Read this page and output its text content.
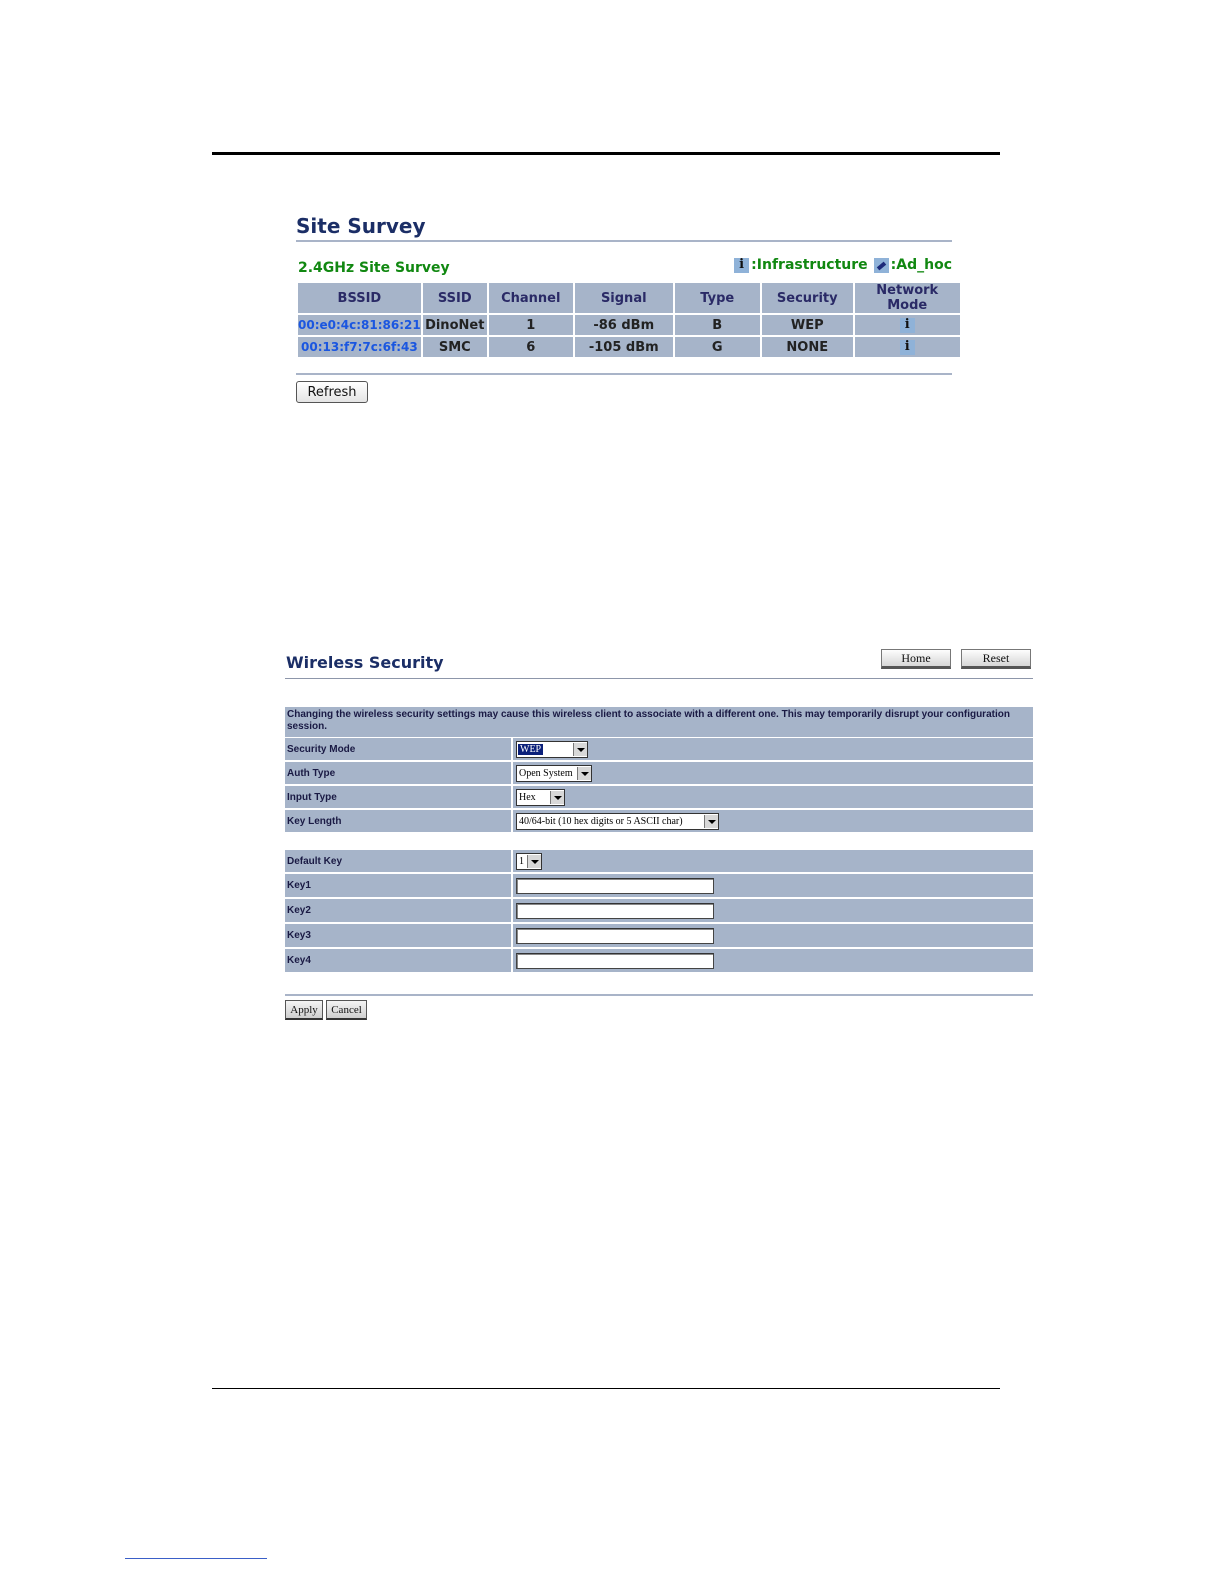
Site Survey
2.4GHz Site Survey i	:Infrastructure :Ad_hoc
BSSID	SSID	Channel	Signal	Type	Security	Network Mode
00:e0:4c:81:86:21	DinoNet	1	-86 dBm	B	WEP	i
00:13:f7:7c:6f:43	SMC	6	-105 dBm	G	NONE	i
Refresh
Wireless Security	Home	Reset
Changing the wireless security settings may cause this wireless client to associate with a different one. This may temporarily disrupt your configuration session.
Security Mode	WEP

Auth Type	Open System

Input Type	Hex

Key Length	40/64-bit (10 hex digits or 5 ASCII char)
Default Key	1

Key1	
Key2	
Key3	
Key4	
Apply	Cancel
